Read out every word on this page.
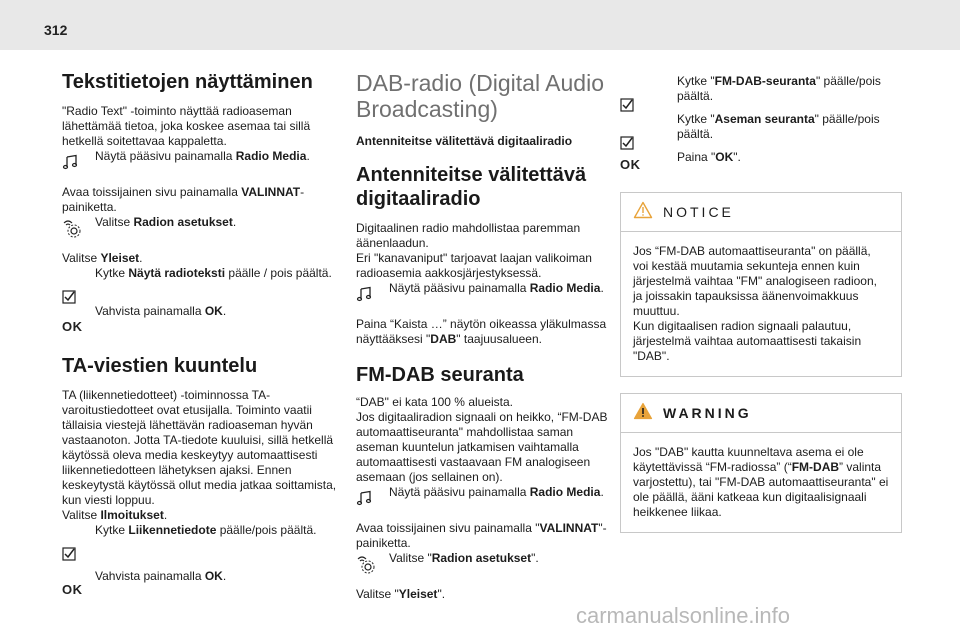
312
Tekstitietojen näyttäminen

"Radio Text" -toiminto näyttää radioaseman lähettämää tietoa, joka koskee asemaa tai sillä hetkellä soitettavaa kappaletta.

Näytä pääsivu painamalla Radio Media.

Avaa toissijainen sivu painamalla VALINNAT-painiketta.

Valitse Radion asetukset.

Valitse Yleiset.

Kytke Näytä radioteksti päälle / pois päältä.
OK
Vahvista painamalla OK.
TA-viestien kuuntelu

TA (liikennetiedotteet) -toiminnossa TA-varoitustiedotteet ovat etusijalla. Toiminto vaatii tällaisia viestejä lähettävän radioaseman hyvän vastaanoton. Jotta TA-tiedote kuuluisi, sillä hetkellä käytössä oleva media keskeytyy automaattisesti liikennetiedotteen lähetyksen ajaksi. Ennen keskeytystä käytössä ollut media jatkaa soittamista, kun viesti loppuu.

Valitse Ilmoitukset.

Kytke Liikennetiedote päälle/pois päältä.
OK
Vahvista painamalla OK.
DAB-radio (Digital Audio Broadcasting)
Antenniteitse välitettävä digitaaliradio
Antenniteitse välitettävä digitaaliradio

Digitaalinen radio mahdollistaa paremman äänenlaadun.

Eri "kanavaniput" tarjoavat laajan valikoiman radioasemia aakkosjärjestyksessä.

Näytä pääsivu painamalla Radio Media.

Paina “Kaista …” näytön oikeassa yläkulmassa näyttääksesi "DAB" taajuusalueen.

FM-DAB seuranta

“DAB" ei kata 100 % alueista.

Jos digitaaliradion signaali on heikko, “FM-DAB automaattiseuranta" mahdollistaa saman aseman kuuntelun jatkamisen vaihtamalla automaattisesti vastaavaan FM analogiseen asemaan (jos sellainen on).

Näytä pääsivu painamalla Radio Media.

Avaa toissijainen sivu painamalla "VALINNAT"-painiketta.

Valitse "Radion asetukset".

Valitse "Yleiset".

Kytke "FM-DAB-seuranta" päälle/pois päältä.
Kytke "Aseman seuranta" päälle/pois päältä.
OK	Paina "OK".
NOTICE
Jos “FM-DAB automaattiseuranta" on päällä, voi kestää muutamia sekunteja ennen kuin järjestelmä vaihtaa "FM" analogiseen radioon, ja joissakin tapauksissa äänenvoimakkuus muuttuu.
Kun digitaalisen radion signaali palautuu, järjestelmä vaihtaa automaattisesti takaisin "DAB".
WARNING
Jos "DAB" kautta kuunneltava asema ei ole käytettävissä “FM-radiossa” (“FM-DAB” valinta varjostettu), tai "FM-DAB automaattiseuranta" ei ole päällä, ääni katkeaa kun digitaalisignaali heikkenee liikaa.
carmanualsonline.info
